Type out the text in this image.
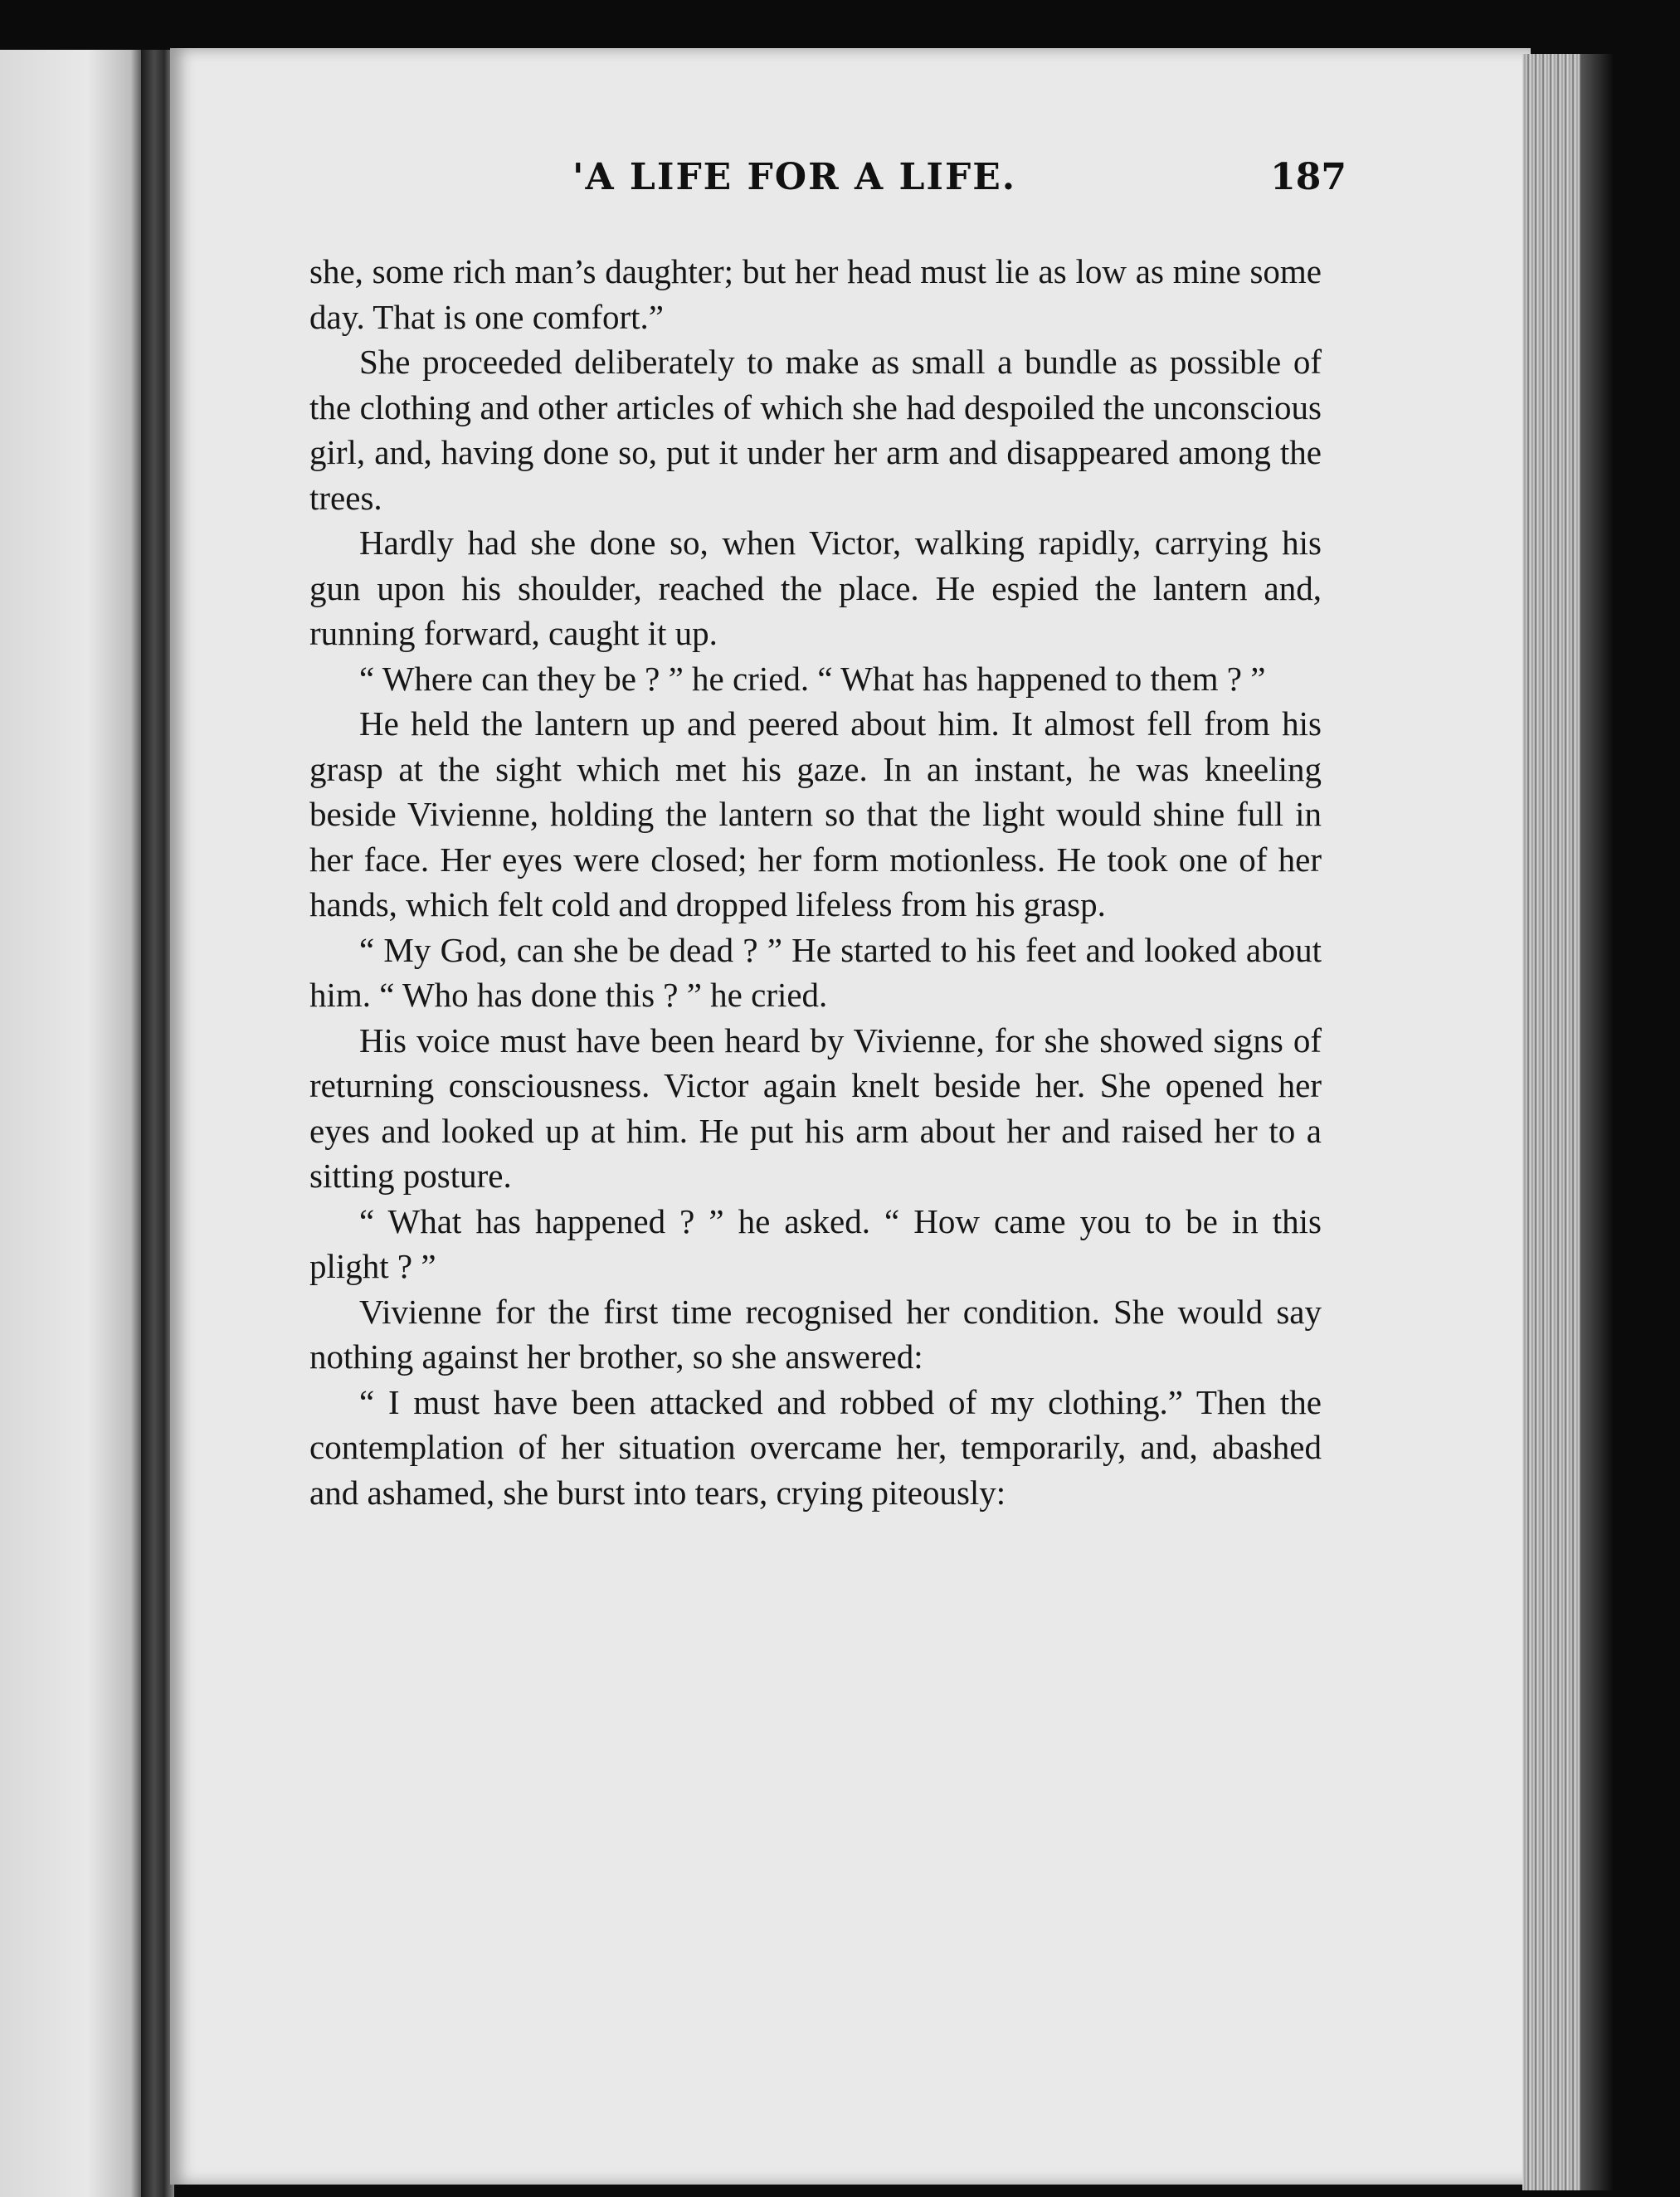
'A LIFE FOR A LIFE.	187

she, some rich man’s daughter; but her head must lie as low as mine some day. That is one comfort.”

She proceeded deliberately to make as small a bundle as possible of the clothing and other articles of which she had despoiled the unconscious girl, and, having done so, put it under her arm and disappeared among the trees.

Hardly had she done so, when Victor, walking rapidly, carrying his gun upon his shoulder, reached the place. He espied the lantern and, running forward, caught it up.

“ Where can they be ? ” he cried. “ What has happened to them ? ”

He held the lantern up and peered about him. It almost fell from his grasp at the sight which met his gaze. In an instant, he was kneeling beside Vivienne, holding the lantern so that the light would shine full in her face. Her eyes were closed; her form motionless. He took one of her hands, which felt cold and dropped lifeless from his grasp.

“ My God, can she be dead ? ” He started to his feet and looked about him. “ Who has done this ? ” he cried.

His voice must have been heard by Vivienne, for she showed signs of returning consciousness. Victor again knelt beside her. She opened her eyes and looked up at him. He put his arm about her and raised her to a sitting posture.

“ What has happened ? ” he asked. “ How came you to be in this plight ? ”

Vivienne for the first time recognised her condition. She would say nothing against her brother, so she answered:

“ I must have been attacked and robbed of my clothing.” Then the contemplation of her situation overcame her, temporarily, and, abashed and ashamed, she burst into tears, crying piteously:
